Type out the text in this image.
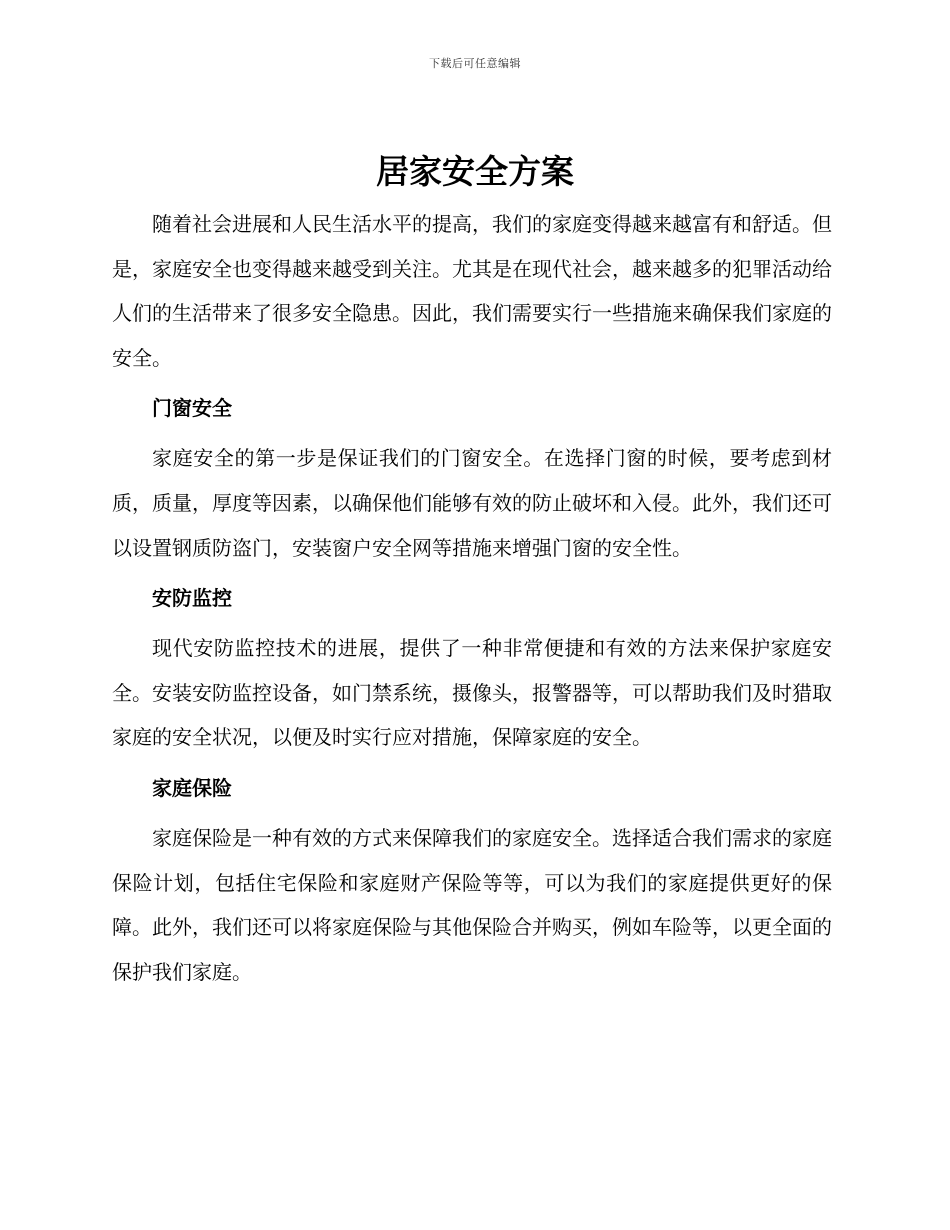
下载后可任意编辑
居家安全方案

随着社会进展和人民生活水平的提高，我们的家庭变得越来越富有和舒适。但是，家庭安全也变得越来越受到关注。尤其是在现代社会，越来越多的犯罪活动给人们的生活带来了很多安全隐患。因此，我们需要实行一些措施来确保我们家庭的安全。

门窗安全

家庭安全的第一步是保证我们的门窗安全。在选择门窗的时候，要考虑到材质，质量，厚度等因素，以确保他们能够有效的防止破坏和入侵。此外，我们还可以设置钢质防盗门，安装窗户安全网等措施来增强门窗的安全性。

安防监控

现代安防监控技术的进展，提供了一种非常便捷和有效的方法来保护家庭安全。安装安防监控设备，如门禁系统，摄像头，报警器等，可以帮助我们及时猎取家庭的安全状况，以便及时实行应对措施，保障家庭的安全。

家庭保险

家庭保险是一种有效的方式来保障我们的家庭安全。选择适合我们需求的家庭保险计划，包括住宅保险和家庭财产保险等等，可以为我们的家庭提供更好的保障。此外，我们还可以将家庭保险与其他保险合并购买，例如车险等，以更全面的保护我们家庭。
